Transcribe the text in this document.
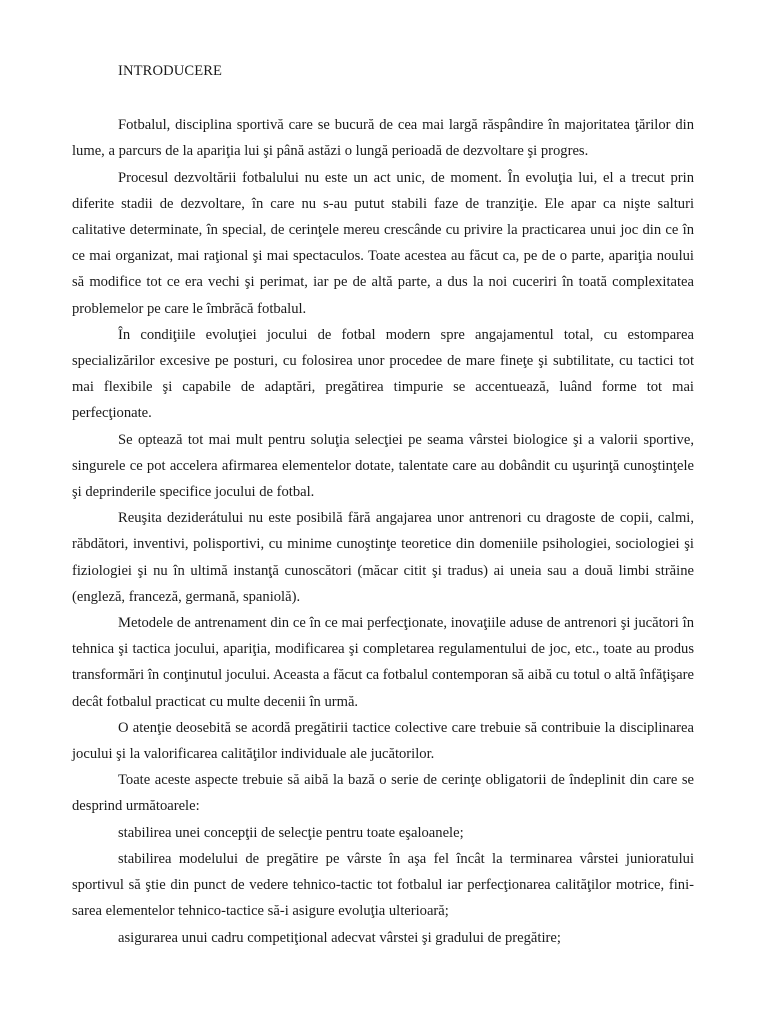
INTRODUCERE

Fotbalul, disciplina sportivă care se bucură de cea mai largă răspândire în majoritatea ţărilor din lume, a parcurs de la apariţia lui şi până astăzi o lungă perioadă de dezvoltare şi progres.

Procesul dezvoltării fotbalului nu este un act unic, de moment. În evoluţia lui, el a trecut prin diferite stadii de dezvoltare, în care nu s-au putut stabili faze de tranziţie. Ele apar ca nişte salturi calitative determinate, în special, de cerinţele mereu crescânde cu privire la practicarea unui joc din ce în ce mai organizat, mai raţional şi mai spectaculos. Toate acestea au făcut ca, pe de o parte, apariţia noului să modifice tot ce era vechi şi perimat, iar pe de altă parte, a dus la noi cuceriri în toată complexitatea problemelor pe care le îmbrăcă fotbalul.

În condiţiile evoluţiei jocului de fotbal modern spre angajamentul total, cu estomparea specializărilor excesive pe posturi, cu folosirea unor procedee de mare fineţe şi subtilitate, cu tactici tot mai flexibile şi capabile de adaptări, pregătirea timpurie se accentuează, luând forme tot mai perfecţionate.

Se optează tot mai mult pentru soluţia selecţiei pe seama vârstei biologice şi a valorii sportive, singurele ce pot accelera afirmarea elementelor dotate, talentate care au dobândit cu uşurinţă cunoştinţele şi deprinderile specifice jocului de fotbal.

Reuşita deziderátului nu este posibilă fără angajarea unor antrenori cu dragoste de copii, calmi, răbdători, inventivi, polisportivi, cu minime cunoştinţe teoretice din domeniile psihologiei, sociologiei şi fiziologiei şi nu în ultimă instanţă cunoscători (măcar citit şi tradus) ai uneia sau a două limbi străine (engleză, franceză, germană, spaniolă).

Metodele de antrenament din ce în ce mai perfecţionate, inovaţiile aduse de antrenori şi jucători în tehnica şi tactica jocului, apariţia, modificarea şi completarea regulamentului de joc, etc., toate au produs transformări în conţinutul jocului. Aceasta a făcut ca fotbalul contemporan să aibă cu totul o altă înfăţişare decât fotbalul practicat cu multe decenii în urmă.

O atenţie deosebită se acordă pregătirii tactice colective care trebuie să contribuie la disciplinarea jocului şi la valorificarea calităţilor individuale ale jucătorilor.

Toate aceste aspecte trebuie să aibă la bază o serie de cerinţe obligatorii de îndeplinit din care se desprind următoarele:

stabilirea unei concepţii de selecţie pentru toate eşaloanele;

stabilirea modelului de pregătire pe vârste în aşa fel încât la terminarea vârstei junioratului sportivul să ştie din punct de vedere tehnico-tactic tot fotbalul iar perfecţionarea calităţilor motrice, fini-sarea elementelor tehnico-tactice să-i asigure evoluţia ulterioară;

asigurarea unui cadru competiţional adecvat vârstei şi gradului de pregătire;
